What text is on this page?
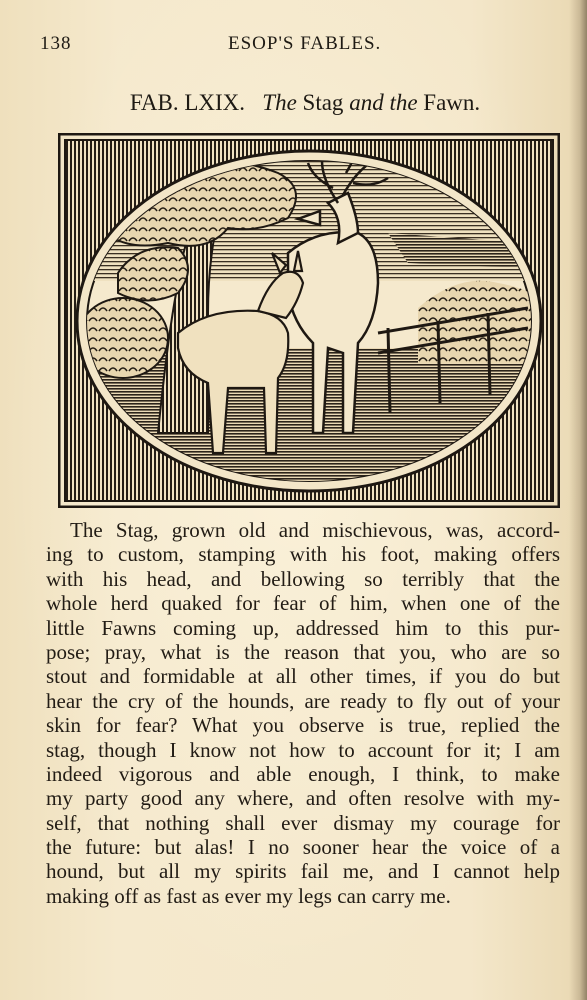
138	ESOP'S FABLES.
FAB. LXIX. The Stag and the Fawn.
The Stag, grown old and mischievous, was, accord-
ing to custom, stamping with his foot, making offers
with his head, and bellowing so terribly that the
whole herd quaked for fear of him, when one of the
little Fawns coming up, addressed him to this pur-
pose; pray, what is the reason that you, who are so
stout and formidable at all other times, if you do but
hear the cry of the hounds, are ready to fly out of your
skin for fear? What you observe is true, replied the
stag, though I know not how to account for it; I am
indeed vigorous and able enough, I think, to make
my party good any where, and often resolve with my-
self, that nothing shall ever dismay my courage for
the future: but alas! I no sooner hear the voice of a
hound, but all my spirits fail me, and I cannot help
making off as fast as ever my legs can carry me.
